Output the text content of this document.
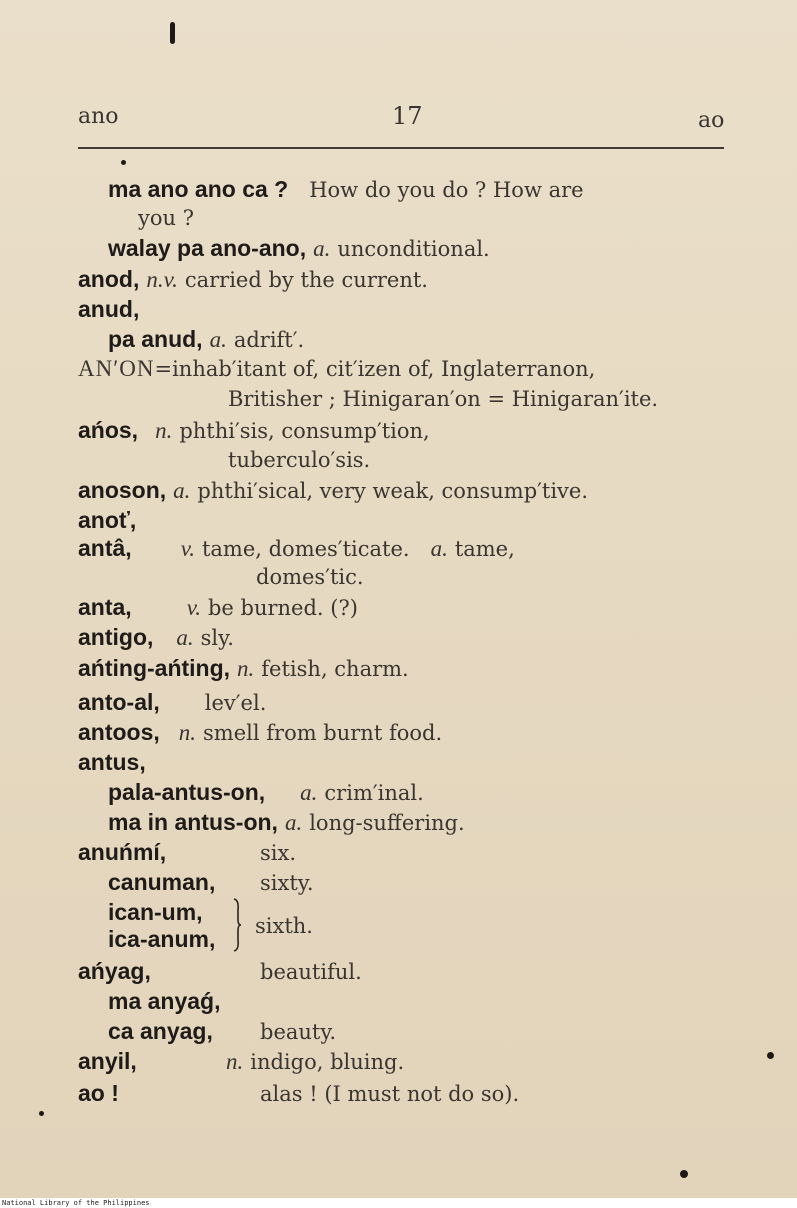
ano	17	ao
ma ano ano ca ? How do you do ? How are
you ?
walay pa ano-ano, a. unconditional.
anod, n.v. carried by the current.
anud,
pa anud, a. adrift′.
AN′ON=inhab′itant of, cit′izen of, Inglaterranon,
Britisher ; Hinigaran′on = Hinigaran′ite.
ańos, n. phthi′sis, consump′tion,
tuberculo′sis.
anoson, a. phthi′sical, very weak, consump′tive.
anoť,
antâ, v. tame, domes′ticate. a. tame,
domes′tic.
anta, v. be burned. (?)
antigo, a. sly.
ańting-ańting, n. fetish, charm.
anto-al, lev′el.
antoos, n. smell from burnt food.
antus,
pala-antus-on, a. crim′inal.
ma in antus-on, a. long-suffering.
anuńmí,	six.
canuman, sixty.
ican-um,
ica-anum, sixth.
ańyag,	beautiful.
ma anyaǵ,
ca anyag, beauty.
anyil,	n. indigo, bluing.
ao !	alas ! (I must not do so).
National Library of the Philippines
